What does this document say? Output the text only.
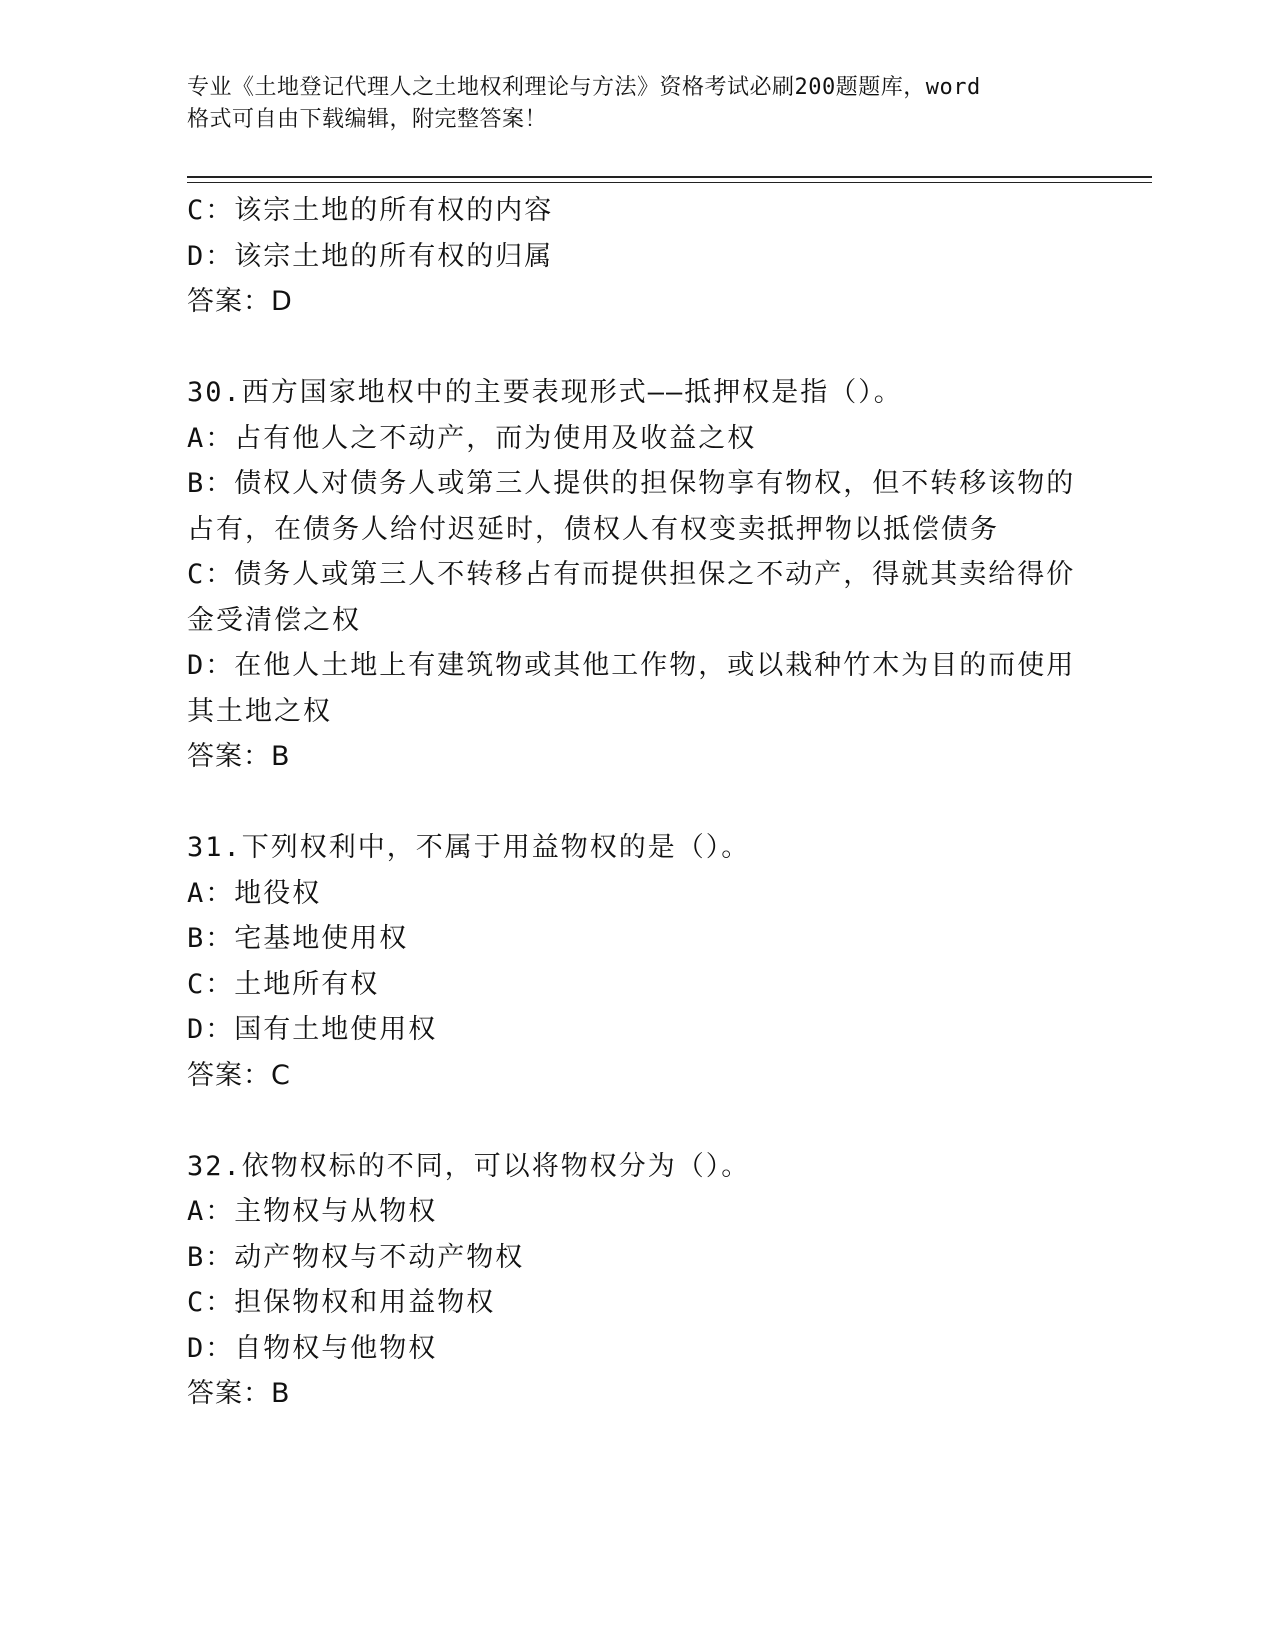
专业《土地登记代理人之土地权利理论与方法》资格考试必刷200题题库，word
格式可自由下载编辑，附完整答案！
C：该宗土地的所有权的内容
D：该宗土地的所有权的归属
答案：D
30.西方国家地权中的主要表现形式——抵押权是指（）。
A：占有他人之不动产，而为使用及收益之权
B：债权人对债务人或第三人提供的担保物享有物权，但不转移该物的
占有，在债务人给付迟延时，债权人有权变卖抵押物以抵偿债务
C：债务人或第三人不转移占有而提供担保之不动产，得就其卖给得价
金受清偿之权
D：在他人土地上有建筑物或其他工作物，或以栽种竹木为目的而使用
其土地之权
答案：B
31.下列权利中，不属于用益物权的是（）。
A：地役权
B：宅基地使用权
C：土地所有权
D：国有土地使用权
答案：C
32.依物权标的不同，可以将物权分为（）。
A：主物权与从物权
B：动产物权与不动产物权
C：担保物权和用益物权
D：自物权与他物权
答案：B
